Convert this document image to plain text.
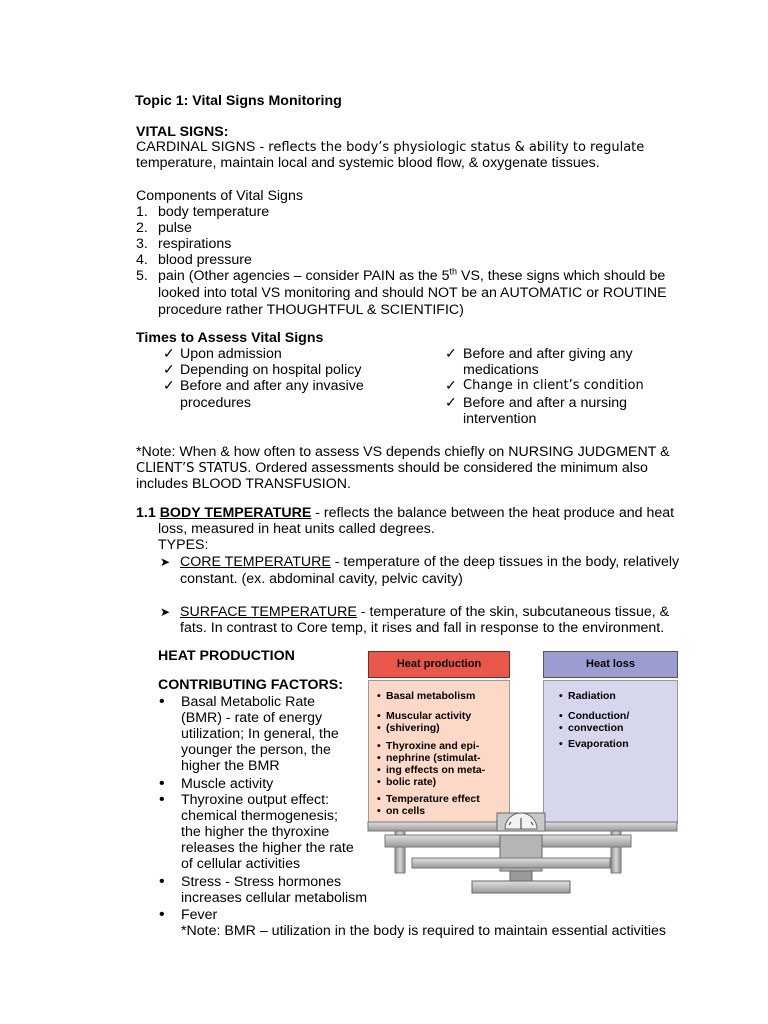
Topic 1: Vital Signs Monitoring
VITAL SIGNS:
CARDINAL SIGNS - reflects the body’s physiologic status & ability to regulate
temperature, maintain local and systemic blood flow, & oxygenate tissues.
Components of Vital Signs
1. body temperature
2. pulse
3. respirations
4. blood pressure
5. pain (Other agencies – consider PAIN as the 5th VS, these signs which should be
looked into total VS monitoring and should NOT be an AUTOMATIC or ROUTINE
procedure rather THOUGHTFUL & SCIENTIFIC)
Times to Assess Vital Signs
✓
Upon admission
✓
Depending on hospital policy
✓
Before and after any invasive
procedures
✓
Before and after giving any
medications
✓
Change in client’s condition
✓
Before and after a nursing
intervention
*Note: When & how often to assess VS depends chiefly on NURSING JUDGMENT &
CLIENT’S STATUS. Ordered assessments should be considered the minimum also
includes BLOOD TRANSFUSION.
1.1 BODY TEMPERATURE - reflects the balance between the heat produce and heat
loss, measured in heat units called degrees.
TYPES:
➤
CORE TEMPERATURE - temperature of the deep tissues in the body, relatively
constant. (ex. abdominal cavity, pelvic cavity)
➤
SURFACE TEMPERATURE - temperature of the skin, subcutaneous tissue, &
fats. In contrast to Core temp, it rises and fall in response to the environment.
HEAT PRODUCTION
CONTRIBUTING FACTORS:
•
Basal Metabolic Rate
(BMR) - rate of energy
utilization; In general, the
younger the person, the
higher the BMR
•
Muscle activity
•
Thyroxine output effect:
chemical thermogenesis;
the higher the thyroxine
releases the higher the rate
of cellular activities
•
Stress - Stress hormones
increases cellular metabolism
•
Fever
*Note: BMR – utilization in the body is required to maintain essential activities
Heat production
• Basal metabolism
• Muscular activity
• (shivering)
• Thyroxine and epi-
• nephrine (stimulat-
• ing effects on meta-
• bolic rate)
• Temperature effect
• on cells
Heat loss
• Radiation
• Conduction/
• convection
• Evaporation
